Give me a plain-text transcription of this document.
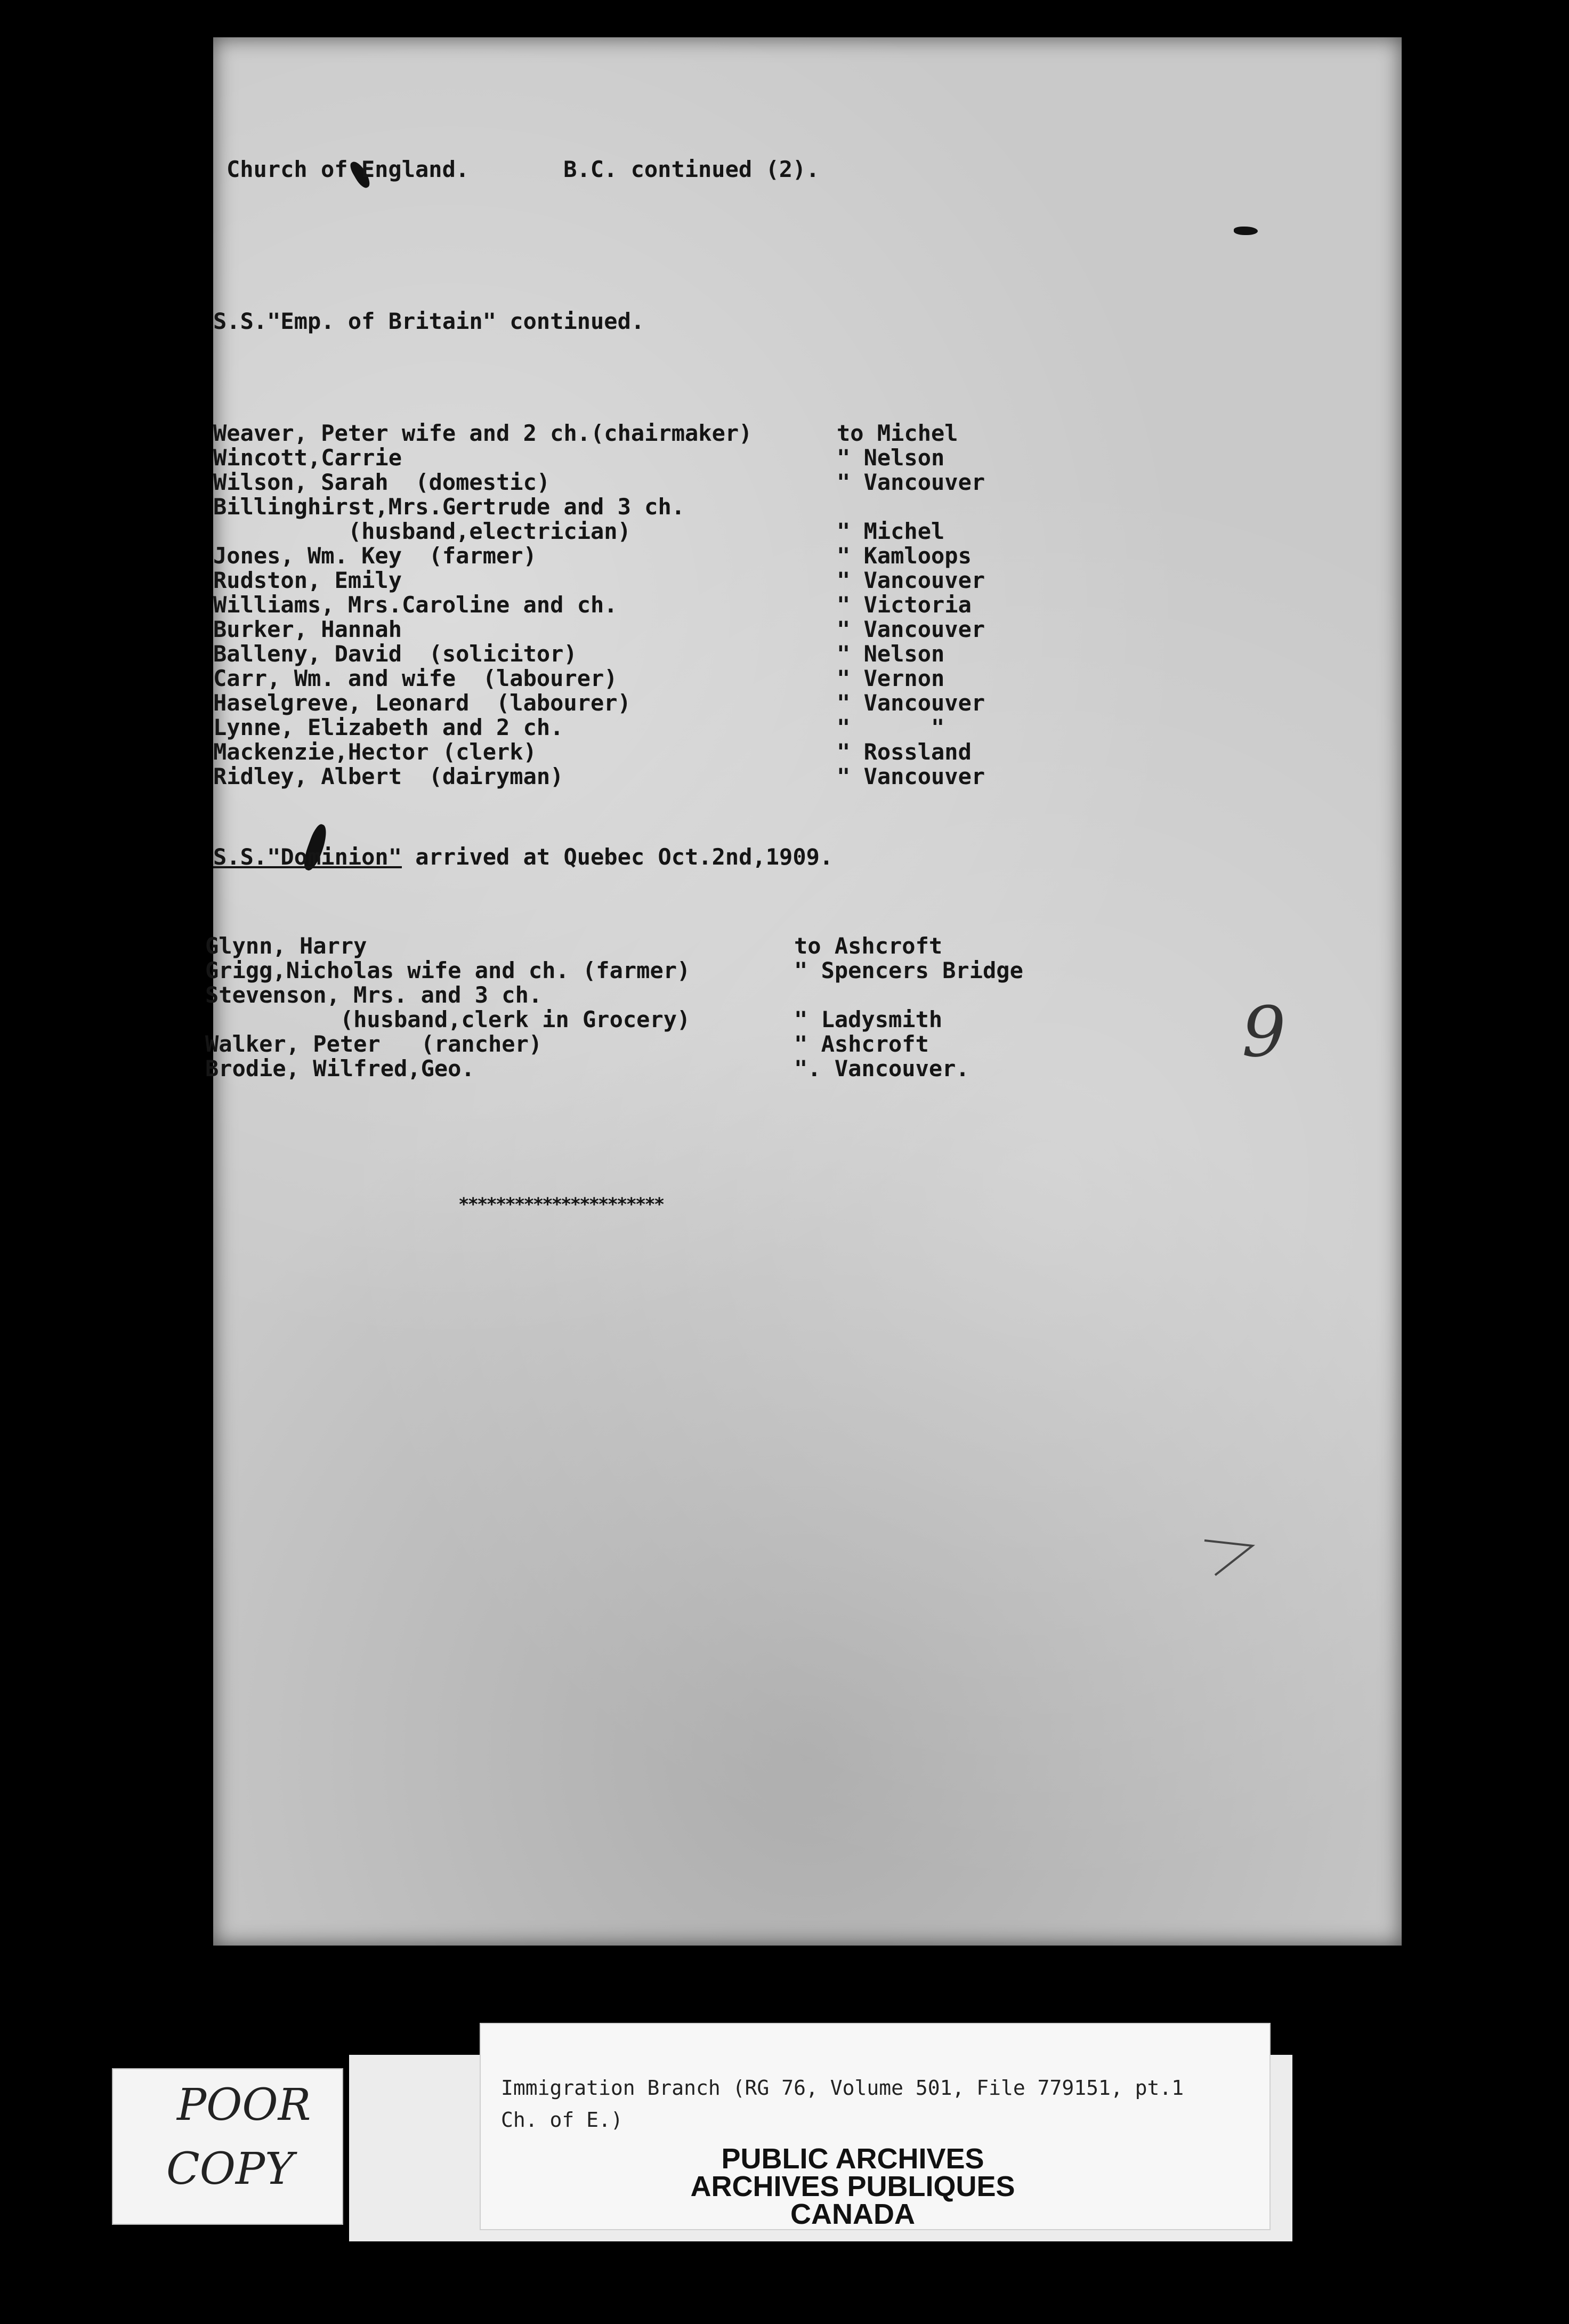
Church of England.       B.C. continued (2).

S.S."Emp. of Britain" continued.

Weaver, Peter wife and 2 ch.(chairmaker)	to Michel

Wincott,Carrie	" Nelson

Wilson, Sarah  (domestic)	" Vancouver

Billinghirst,Mrs.Gertrude and 3 ch.

(husband,electrician)	" Michel

Jones, Wm. Key  (farmer)	" Kamloops

Rudston, Emily	" Vancouver

Williams, Mrs.Caroline and ch.	" Victoria

Burker, Hannah	" Vancouver

Balleny, David  (solicitor)	" Nelson

Carr, Wm. and wife  (labourer)	" Vernon

Haselgreve, Leonard  (labourer)	" Vancouver

Lynne, Elizabeth and 2 ch.	"      "

Mackenzie,Hector (clerk)	" Rossland

Ridley, Albert  (dairyman)	" Vancouver

S.S."Dominion" arrived at Quebec Oct.2nd,1909.

Glynn, Harry	to Ashcroft

Grigg,Nicholas wife and ch. (farmer)	" Spencers Bridge

Stevenson, Mrs. and 3 ch.

(husband,clerk in Grocery)	" Ladysmith

Walker, Peter   (rancher)	" Ashcroft

Brodie, Wilfred,Geo.	". Vancouver.	9
**********************
POOR
COPY
Immigration Branch (RG 76, Volume 501, File 779151, pt.1
Ch. of E.)
PUBLIC ARCHIVES
ARCHIVES PUBLIQUES
CANADA
